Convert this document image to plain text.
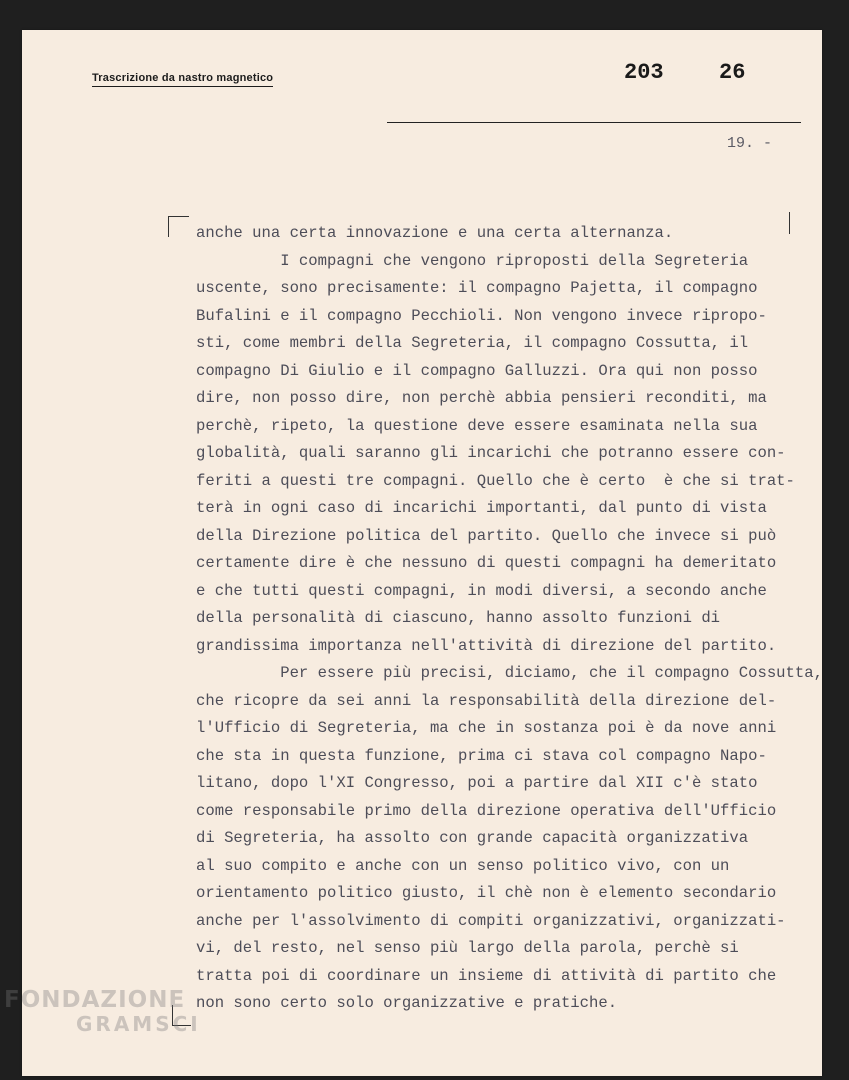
Trascrizione da nastro magnetico	203	26
19. -
anche una certa innovazione e una certa alternanza.
I compagni che vengono riproposti della Segreteria
uscente, sono precisamente: il compagno Pajetta, il compagno
Bufalini e il compagno Pecchioli. Non vengono invece ripropo-
sti, come membri della Segreteria, il compagno Cossutta, il
compagno Di Giulio e il compagno Galluzzi. Ora qui non posso
dire, non posso dire, non perchè abbia pensieri reconditi, ma
perchè, ripeto, la questione deve essere esaminata nella sua
globalità, quali saranno gli incarichi che potranno essere con-
feriti a questi tre compagni. Quello che è certo  è che si trat-
terà in ogni caso di incarichi importanti, dal punto di vista
della Direzione politica del partito. Quello che invece si può
certamente dire è che nessuno di questi compagni ha demeritato
e che tutti questi compagni, in modi diversi, a secondo anche
della personalità di ciascuno, hanno assolto funzioni di
grandissima importanza nell'attività di direzione del partito.
Per essere più precisi, diciamo, che il compagno Cossutta,
che ricopre da sei anni la responsabilità della direzione del-
l'Ufficio di Segreteria, ma che in sostanza poi è da nove anni
che sta in questa funzione, prima ci stava col compagno Napo-
litano, dopo l'XI Congresso, poi a partire dal XII c'è stato
come responsabile primo della direzione operativa dell'Ufficio
di Segreteria, ha assolto con grande capacità organizzativa
al suo compito e anche con un senso politico vivo, con un
orientamento politico giusto, il chè non è elemento secondario
anche per l'assolvimento di compiti organizzativi, organizzati-
vi, del resto, nel senso più largo della parola, perchè si
tratta poi di coordinare un insieme di attività di partito che
non sono certo solo organizzative e pratiche.
FONDAZIONE
GRAMSCI
